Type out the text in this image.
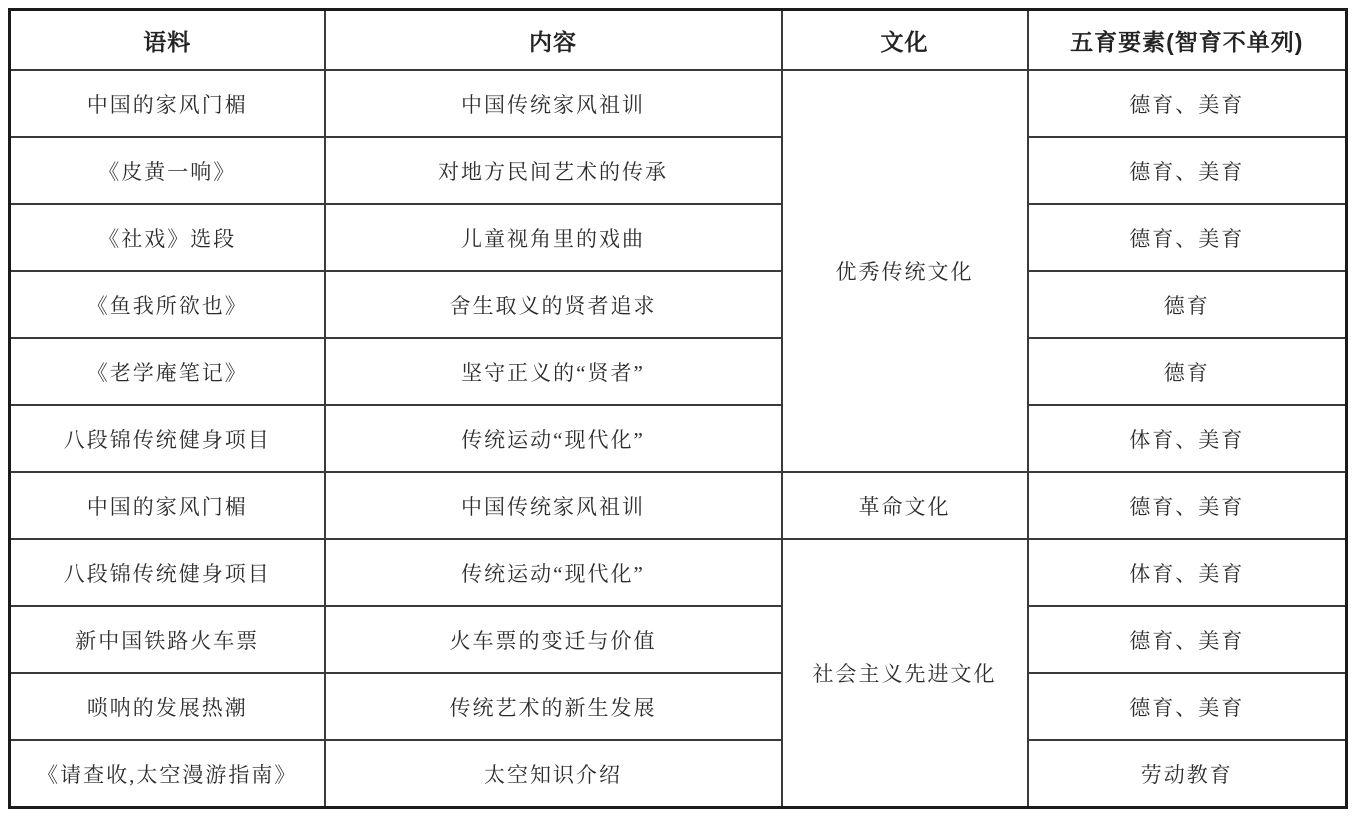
语料	内容	文化	五育要素(智育不单列)
中国的家风门楣	中国传统家风祖训	优秀传统文化	德育、美育
《皮黄一响》	对地方民间艺术的传承		德育、美育
《社戏》选段	儿童视角里的戏曲		德育、美育
《鱼我所欲也》	舍生取义的贤者追求		德育
《老学庵笔记》	坚守正义的“贤者”		德育
八段锦传统健身项目	传统运动“现代化”		体育、美育
中国的家风门楣	中国传统家风祖训	革命文化	德育、美育
八段锦传统健身项目	传统运动“现代化”	社会主义先进文化	体育、美育
新中国铁路火车票	火车票的变迁与价值		德育、美育
唢呐的发展热潮	传统艺术的新生发展		德育、美育
《请查收,太空漫游指南》	太空知识介绍		劳动教育
